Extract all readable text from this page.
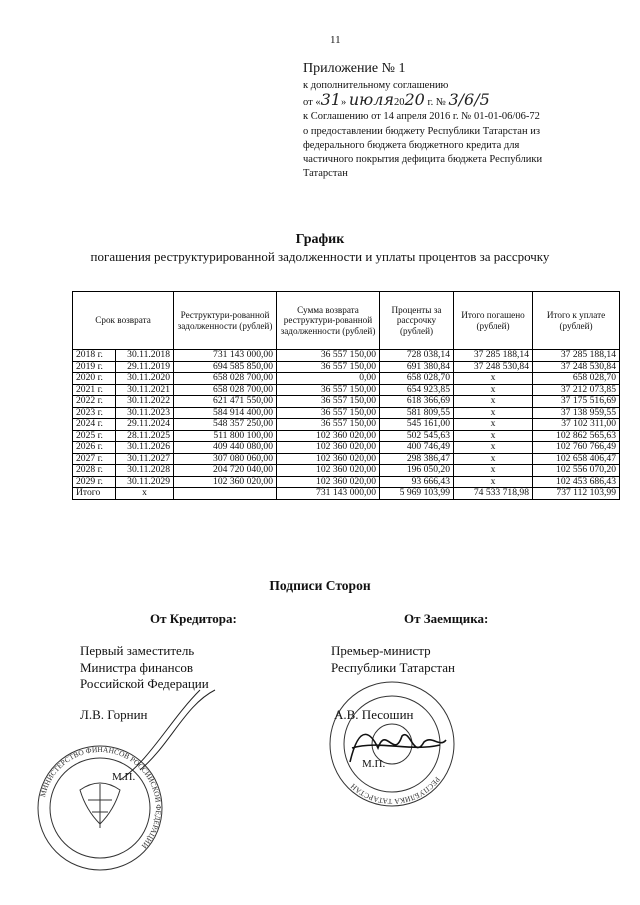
11
Приложение № 1
к дополнительному соглашению
от «31» июля2020 г. № 3/6/5
к Соглашению от 14 апреля 2016 г. № 01-01-06/06-72
о предоставлении бюджету Республики Татарстан из
федерального бюджета бюджетного кредита для
частичного покрытия дефицита бюджета Республики
Татарстан
График
погашения реструктурированной задолженности и уплаты процентов за рассрочку
Срок возврата		Реструктури-рованной задолженности (рублей)	Сумма возврата реструктури-рованной задолженности (рублей)	Проценты за рассрочку (рублей)	Итого погашено (рублей)	Итого к уплате (рублей)
2018 г.	30.11.2018	731 143 000,00	36 557 150,00	728 038,14	37 285 188,14	37 285 188,14
2019 г.	29.11.2019	694 585 850,00	36 557 150,00	691 380,84	37 248 530,84	37 248 530,84
2020 г.	30.11.2020	658 028 700,00	0,00	658 028,70	x	658 028,70
2021 г.	30.11.2021	658 028 700,00	36 557 150,00	654 923,85	x	37 212 073,85
2022 г.	30.11.2022	621 471 550,00	36 557 150,00	618 366,69	x	37 175 516,69
2023 г.	30.11.2023	584 914 400,00	36 557 150,00	581 809,55	x	37 138 959,55
2024 г.	29.11.2024	548 357 250,00	36 557 150,00	545 161,00	x	37 102 311,00
2025 г.	28.11.2025	511 800 100,00	102 360 020,00	502 545,63	x	102 862 565,63
2026 г.	30.11.2026	409 440 080,00	102 360 020,00	400 746,49	x	102 760 766,49
2027 г.	30.11.2027	307 080 060,00	102 360 020,00	298 386,47	x	102 658 406,47
2028 г.	30.11.2028	204 720 040,00	102 360 020,00	196 050,20	x	102 556 070,20
2029 г.	30.11.2029	102 360 020,00	102 360 020,00	93 666,43	x	102 453 686,43
Итого	x		731 143 000,00	5 969 103,99	74 533 718,98	737 112 103,99
МИНИСТЕРСТВО ФИНАНСОВ РОССИЙСКОЙ ФЕДЕРАЦИИ
РЕСПУБЛИКА ТАТАРСТАН
Подписи Сторон
От Кредитора:	От Заемщика:
Первый заместитель
Министра финансов
Российской Федерации
Премьер-министр
Республики Татарстан
Л.В. Горнин	А.В. Песошин
М.П.
М.П.
